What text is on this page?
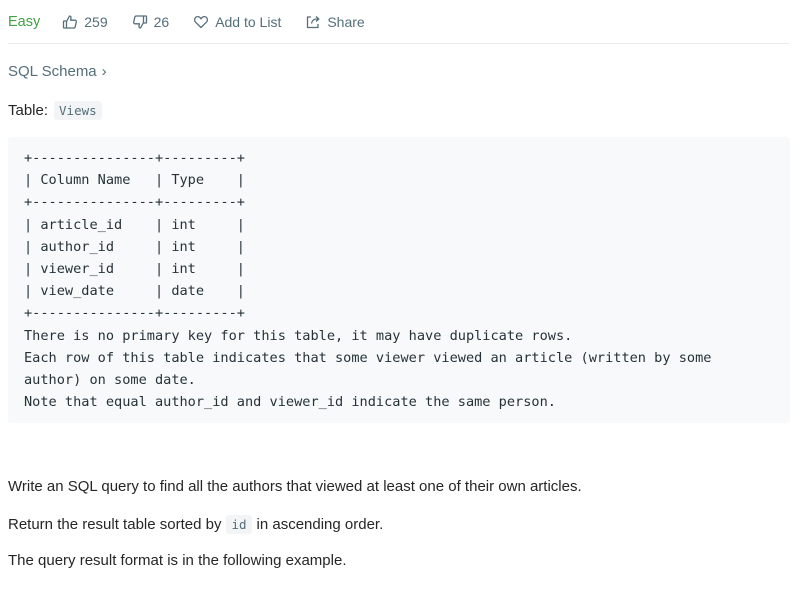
Easy	259	26	Add to List	Share
SQL Schema ›
Table: Views
+---------------+---------+
| Column Name   | Type    |
+---------------+---------+
| article_id    | int     |
| author_id     | int     |
| viewer_id     | int     |
| view_date     | date    |
+---------------+---------+
There is no primary key for this table, it may have duplicate rows.
Each row of this table indicates that some viewer viewed an article (written by some
author) on some date.
Note that equal author_id and viewer_id indicate the same person.
Write an SQL query to find all the authors that viewed at least one of their own articles.
Return the result table sorted by id in ascending order.
The query result format is in the following example.
